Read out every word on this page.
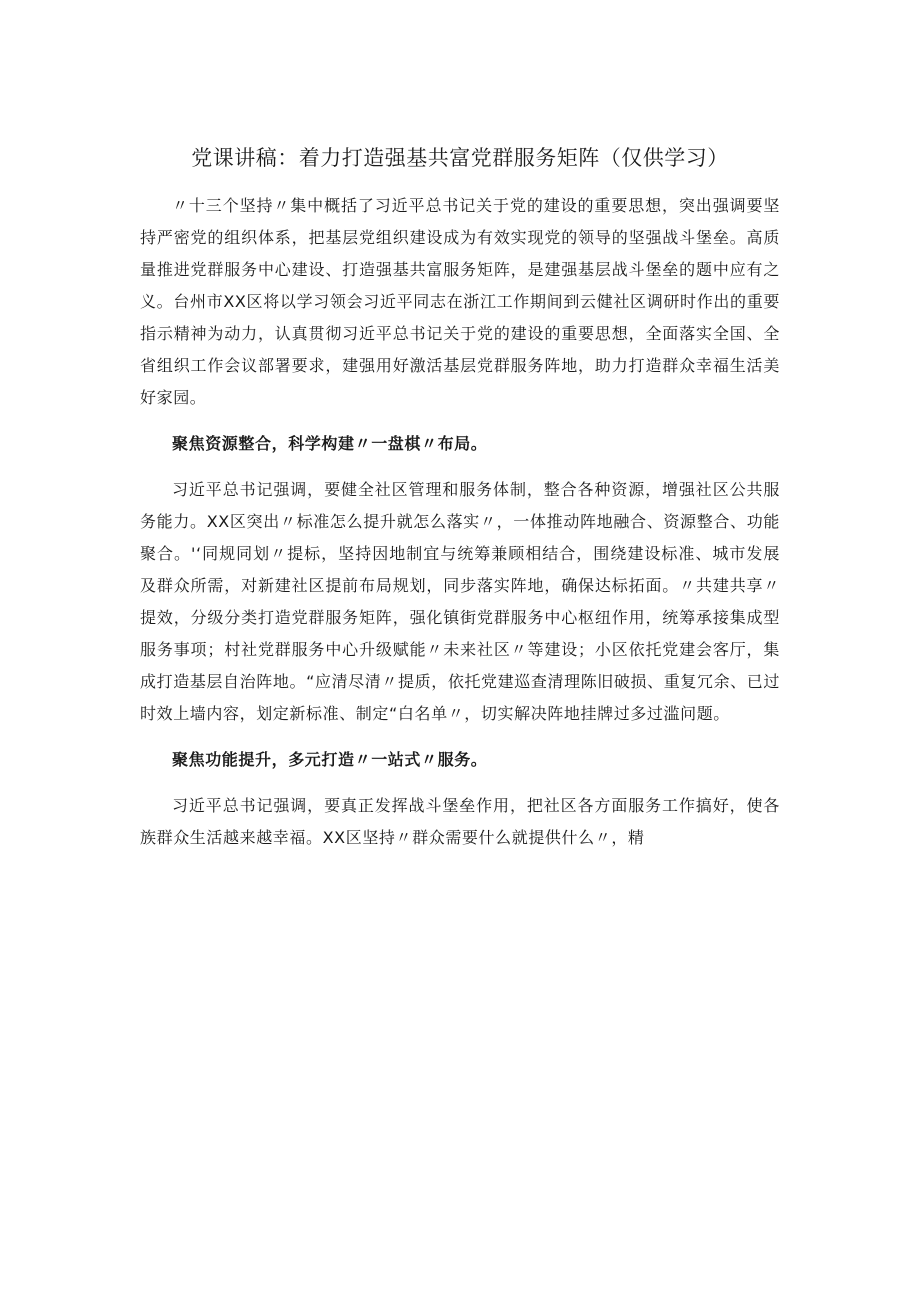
党课讲稿：着力打造强基共富党群服务矩阵（仅供学习）

〃十三个坚持〃集中概括了习近平总书记关于党的建设的重要思想，突出强调要坚持严密党的组织体系，把基层党组织建设成为有效实现党的领导的坚强战斗堡垒。高质量推进党群服务中心建设、打造强基共富服务矩阵，是建强基层战斗堡垒的题中应有之义。台州市XX区将以学习领会习近平同志在浙江工作期间到云健社区调研时作出的重要指示精神为动力，认真贯彻习近平总书记关于党的建设的重要思想，全面落实全国、全省组织工作会议部署要求，建强用好激活基层党群服务阵地，助力打造群众幸福生活美好家园。

聚焦资源整合，科学构建〃一盘棋〃布局。

习近平总书记强调，要健全社区管理和服务体制，整合各种资源，增强社区公共服务能力。XX区突出〃标准怎么提升就怎么落实〃，一体推动阵地融合、资源整合、功能聚合。'‘同规同划〃提标，坚持因地制宜与统筹兼顾相结合，围绕建设标准、城市发展及群众所需，对新建社区提前布局规划，同步落实阵地，确保达标拓面。〃共建共享〃提效，分级分类打造党群服务矩阵，强化镇街党群服务中心枢纽作用，统筹承接集成型服务事项；村社党群服务中心升级赋能〃未来社区〃等建设；小区依托党建会客厅，集成打造基层自治阵地。“应清尽清〃提质，依托党建巡查清理陈旧破损、重复冗余、已过时效上墙内容，划定新标准、制定“白名单〃，切实解决阵地挂牌过多过滥问题。

聚焦功能提升，多元打造〃一站式〃服务。

习近平总书记强调，要真正发挥战斗堡垒作用，把社区各方面服务工作搞好，使各族群众生活越来越幸福。XX区坚持〃群众需要什么就提供什么〃，精
